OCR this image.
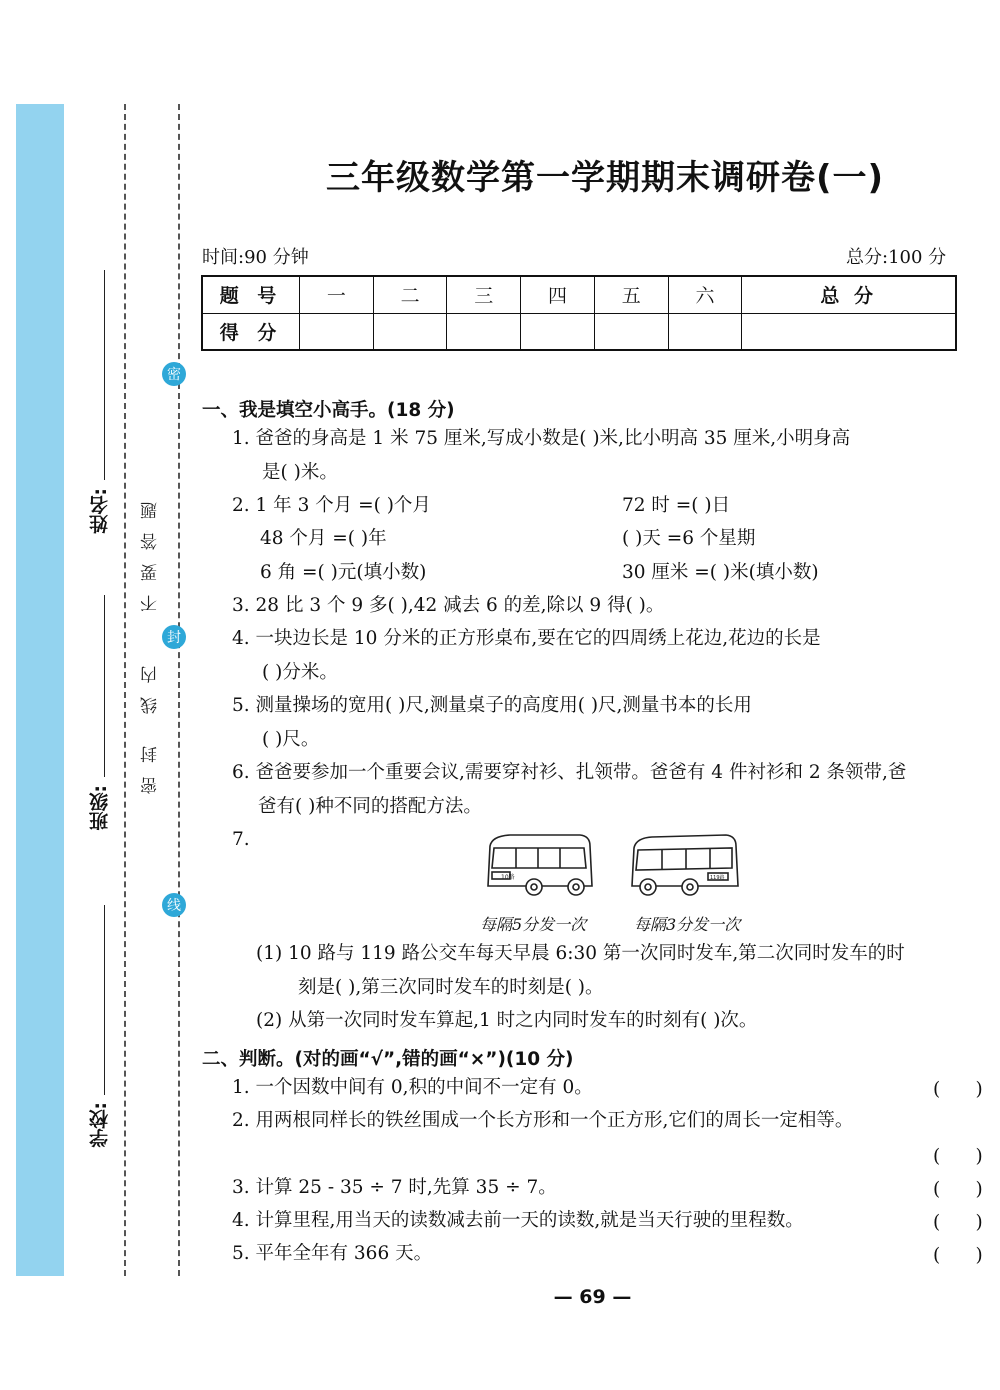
姓名:
班级:
学校:
不要答题
线内
密封
密
封
线
三年级数学第一学期期末调研卷(一)
时间:90 分钟	总分:100 分
题 号	一	二	三	四	五	六	总 分
得 分							
一、我是填空小高手。(18 分)
1. 爸爸的身高是 1 米 75 厘米,写成小数是( )米,比小明高 35 厘米,小明身高
是( )米。
2. 1 年 3 个月 =( )个月	72 时 =( )日
48 个月 =( )年	( )天 =6 个星期
6 角 =( )元(填小数)	30 厘米 =( )米(填小数)
3. 28 比 3 个 9 多( ),42 减去 6 的差,除以 9 得( )。
4. 一块边长是 10 分米的正方形桌布,要在它的四周绣上花边,花边的长是
( )分米。
5. 测量操场的宽用( )尺,测量桌子的高度用( )尺,测量书本的长用
( )尺。
6. 爸爸要参加一个重要会议,需要穿衬衫、扎领带。爸爸有 4 件衬衫和 2 条领带,爸
爸有( )种不同的搭配方法。
7.
10路	119路
每隔5分发一次	每隔3分发一次
(1) 10 路与 119 路公交车每天早晨 6:30 第一次同时发车,第二次同时发车的时
刻是( ),第三次同时发车的时刻是( )。
(2) 从第一次同时发车算起,1 时之内同时发车的时刻有( )次。
二、判断。(对的画“√”,错的画“×”)(10 分)
1. 一个因数中间有 0,积的中间不一定有 0。	(      )
2. 用两根同样长的铁丝围成一个长方形和一个正方形,它们的周长一定相等。
(      )
3. 计算 25 - 35 ÷ 7 时,先算 35 ÷ 7。	(      )
4. 计算里程,用当天的读数减去前一天的读数,就是当天行驶的里程数。	(      )
5. 平年全年有 366 天。	(      )
— 69 —
